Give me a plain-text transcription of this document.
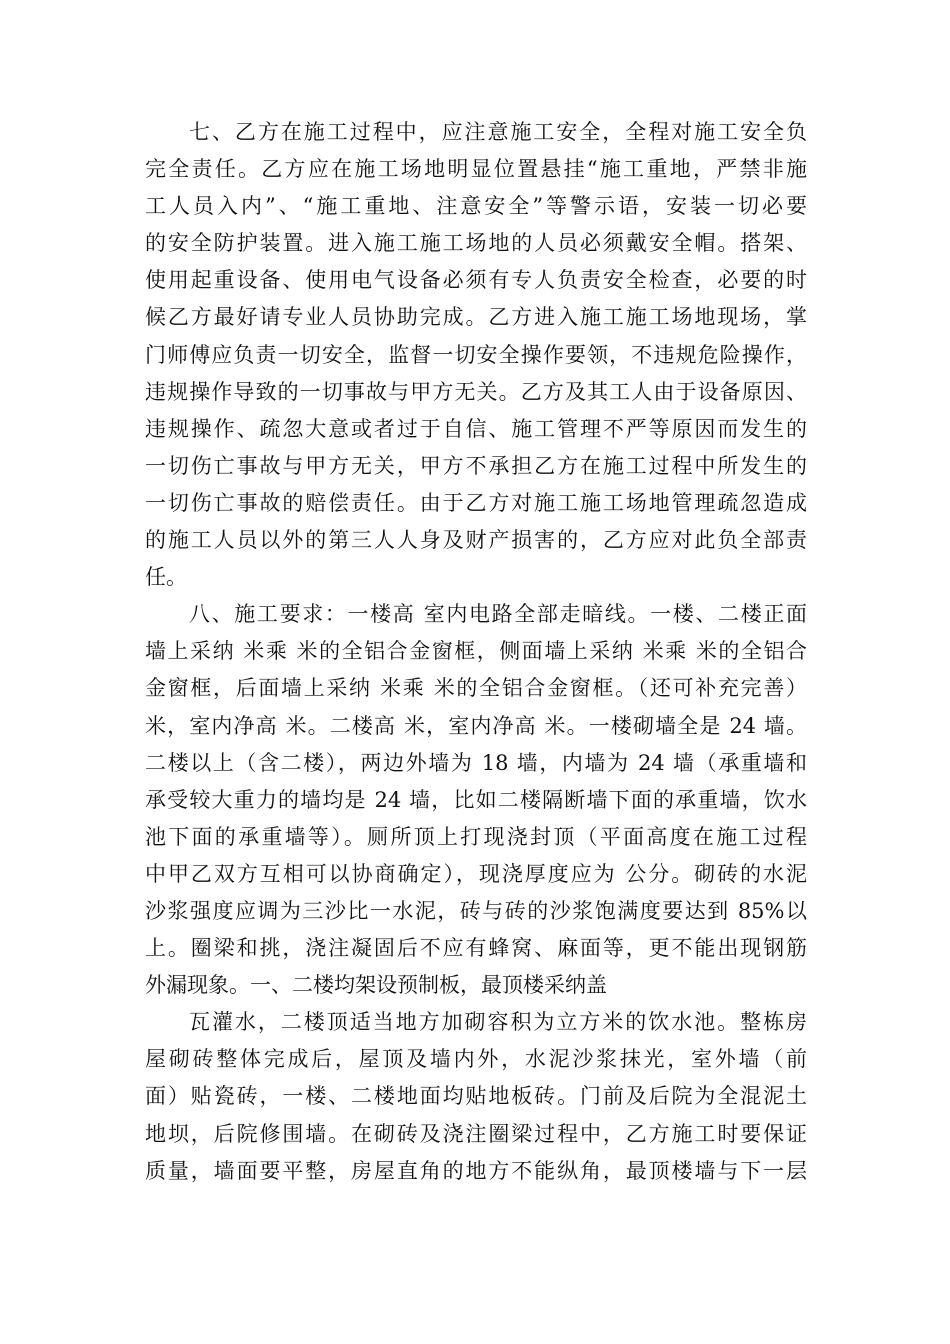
七、乙方在施工过程中，应注意施工安全，全程对施工安全负
完全责任。乙方应在施工场地明显位置悬挂“施工重地，严禁非施
工人员入内”、“施工重地、注意安全”等警示语，安装一切必要
的安全防护装置。进入施工施工场地的人员必须戴安全帽。搭架、
使用起重设备、使用电气设备必须有专人负责安全检查，必要的时
候乙方最好请专业人员协助完成。乙方进入施工施工场地现场，掌
门师傅应负责一切安全，监督一切安全操作要领，不违规危险操作，
违规操作导致的一切事故与甲方无关。乙方及其工人由于设备原因、
违规操作、疏忽大意或者过于自信、施工管理不严等原因而发生的
一切伤亡事故与甲方无关，甲方不承担乙方在施工过程中所发生的
一切伤亡事故的赔偿责任。由于乙方对施工施工场地管理疏忽造成
的施工人员以外的第三人人身及财产损害的，乙方应对此负全部责
任。
八、施工要求：一楼高 室内电路全部走暗线。一楼、二楼正面
墙上采纳 米乘 米的全铝合金窗框，侧面墙上采纳 米乘 米的全铝合
金窗框，后面墙上采纳 米乘 米的全铝合金窗框。（还可补充完善）
米，室内净高 米。二楼高 米，室内净高 米。一楼砌墙全是 24 墙。
二楼以上（含二楼），两边外墙为 18 墙，内墙为 24 墙（承重墙和
承受较大重力的墙均是 24 墙，比如二楼隔断墙下面的承重墙，饮水
池下面的承重墙等）。厕所顶上打现浇封顶（平面高度在施工过程
中甲乙双方互相可以协商确定），现浇厚度应为 公分。砌砖的水泥
沙浆强度应调为三沙比一水泥，砖与砖的沙浆饱满度要达到 85%以
上。圈梁和挑，浇注凝固后不应有蜂窝、麻面等，更不能出现钢筋
外漏现象。一、二楼均架设预制板，最顶楼采纳盖
瓦灌水，二楼顶适当地方加砌容积为立方米的饮水池。整栋房
屋砌砖整体完成后，屋顶及墙内外，水泥沙浆抹光，室外墙（前
面）贴瓷砖，一楼、二楼地面均贴地板砖。门前及后院为全混泥土
地坝，后院修围墙。在砌砖及浇注圈梁过程中，乙方施工时要保证
质量，墙面要平整，房屋直角的地方不能纵角，最顶楼墙与下一层
